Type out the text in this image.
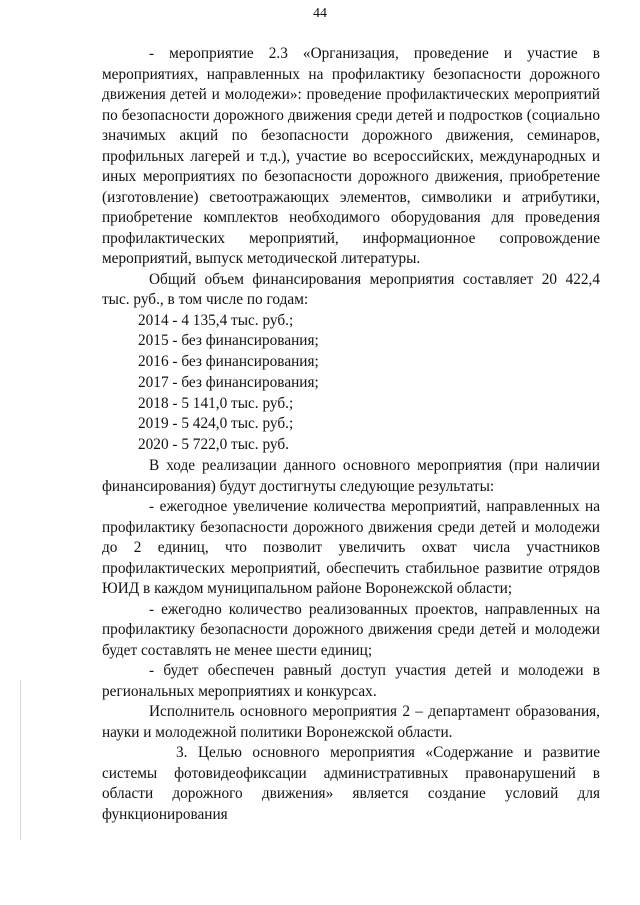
44

- мероприятие 2.3 «Организация, проведение и участие в мероприятиях, направленных на профилактику безопасности дорожного движения детей и молодежи»: проведение профилактических мероприятий по безопасности дорожного движения среди детей и подростков (социально значимых акций по безопасности дорожного движения, семинаров, профильных лагерей и т.д.), участие во всероссийских, международных и иных мероприятиях по безопасности дорожного движения, приобретение (изготовление) светоотражающих элементов, символики и атрибутики, приобретение комплектов необходимого оборудования для проведения профилактических мероприятий, информационное сопровождение мероприятий, выпуск методической литературы.

Общий объем финансирования мероприятия составляет 20 422,4 тыс. руб., в том числе по годам:

2014 - 4 135,4 тыс. руб.;
2015 - без финансирования;
2016 - без финансирования;
2017 - без финансирования;
2018 - 5 141,0 тыс. руб.;
2019 - 5 424,0 тыс. руб.;
2020 - 5 722,0 тыс. руб.

В ходе реализации данного основного мероприятия (при наличии финансирования) будут достигнуты следующие результаты:

- ежегодное увеличение количества мероприятий, направленных на профилактику безопасности дорожного движения среди детей и молодежи до 2 единиц, что позволит увеличить охват числа участников профилактических мероприятий, обеспечить стабильное развитие отрядов ЮИД в каждом муниципальном районе Воронежской области;

- ежегодно количество реализованных проектов, направленных на профилактику безопасности дорожного движения среди детей и молодежи будет составлять не менее шести единиц;

- будет обеспечен равный доступ участия детей и молодежи в региональных мероприятиях и конкурсах.

Исполнитель основного мероприятия 2 – департамент образования, науки и молодежной политики Воронежской области.

3. Целью основного мероприятия «Содержание и развитие системы фотовидеофиксации административных правонарушений в области дорожного движения» является создание условий для функционирования
